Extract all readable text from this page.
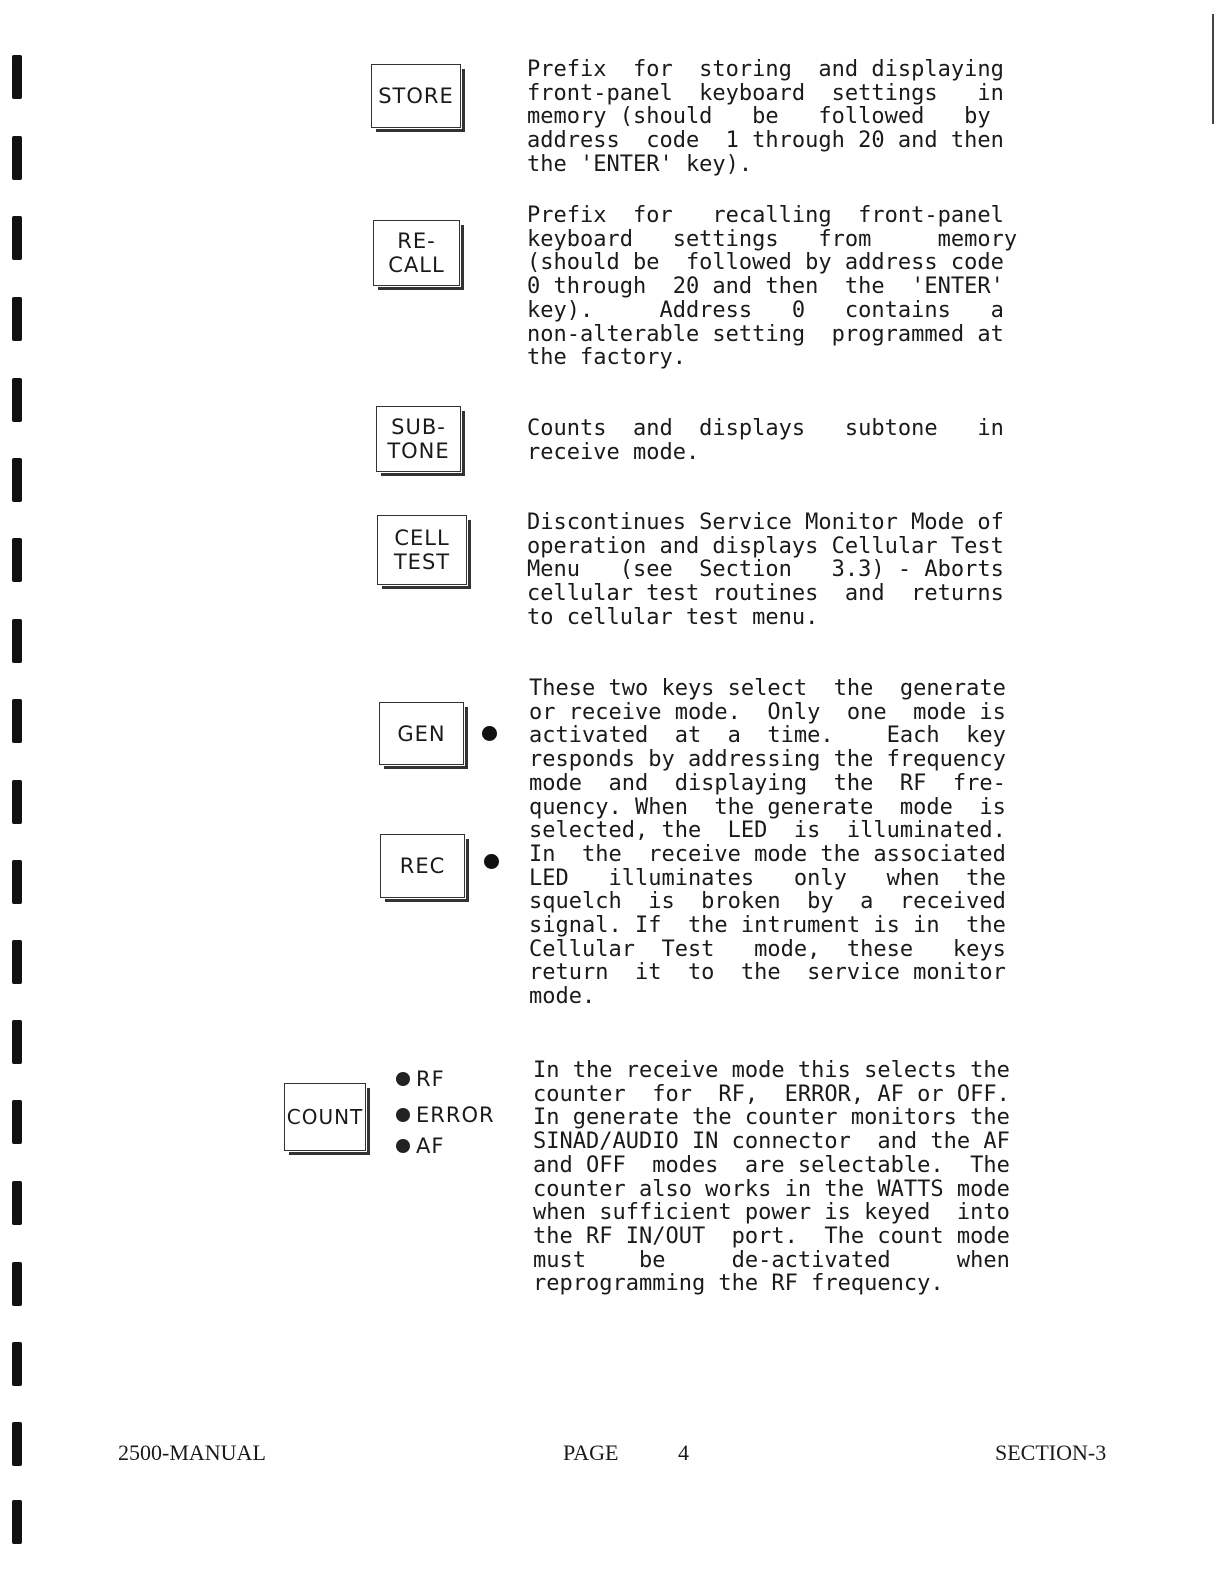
STORE
Prefix  for  storing  and displaying
front-panel  keyboard  settings   in
memory (should   be   followed   by
address  code  1 through 20 and then
the 'ENTER' key).
RE-
CALL
Prefix  for   recalling  front-panel
keyboard   settings   from     memory
(should be  followed by address code
0 through  20 and then  the  'ENTER'
key).     Address   0   contains   a
non-alterable setting  programmed at
the factory.
SUB-
TONE
Counts  and  displays   subtone   in
receive mode.
CELL
TEST
Discontinues Service Monitor Mode of
operation and displays Cellular Test
Menu   (see  Section   3.3) - Aborts
cellular test routines  and  returns
to cellular test menu.
GEN
REC
These two keys select  the  generate
or receive mode.  Only  one  mode is
activated  at  a  time.    Each  key
responds by addressing the frequency
mode  and  displaying  the  RF  fre-
quency. When  the generate  mode  is
selected, the  LED  is  illuminated.
In  the  receive mode the associated
LED   illuminates   only   when  the
squelch  is  broken  by  a  received
signal. If  the intrument is in  the
Cellular  Test   mode,  these   keys
return  it  to  the  service monitor
mode.
COUNT
RF
ERROR
AF
In the receive mode this selects the
counter  for  RF,  ERROR, AF or OFF.
In generate the counter monitors the
SINAD/AUDIO IN connector  and the AF
and OFF  modes  are selectable.  The
counter also works in the WATTS mode
when sufficient power is keyed  into
the RF IN/OUT  port.  The count mode
must    be     de-activated     when
reprogramming the RF frequency.
2500-MANUAL	PAGE	4	SECTION-3
